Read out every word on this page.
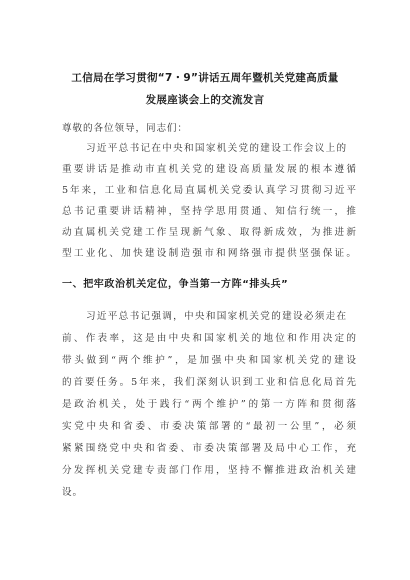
工信局在学习贯彻“7・9”讲话五周年暨机关党建高质量
发展座谈会上的交流发言
尊敬的各位领导，同志们：
习近平总书记在中央和国家机关党的建设工作会议上的
重要讲话是推动市直机关党的建设高质量发展的根本遵循
5年来，工业和信息化局直属机关党委认真学习贯彻习近平
总书记重要讲话精神，坚持学思用贯通、知信行统一，推
动直属机关党建工作呈现新气象、取得新成效，为推进新
型工业化、加快建设制造强市和网络强市提供坚强保证。
一、把牢政治机关定位，争当第一方阵“排头兵”
习近平总书记强调，中央和国家机关党的建设必须走在
前、作表率，这是由中央和国家机关的地位和作用决定的
带头做到“两个维护”，是加强中央和国家机关党的建设
的首要任务。5年来，我们深刻认识到工业和信息化局首先
是政治机关，处于践行“两个维护”的第一方阵和贯彻落
实党中央和省委、市委决策部署的“最初一公里”，必须
紧紧围绕党中央和省委、市委决策部署及局中心工作，充
分发挥机关党建专责部门作用，坚持不懈推进政治机关建
设。
